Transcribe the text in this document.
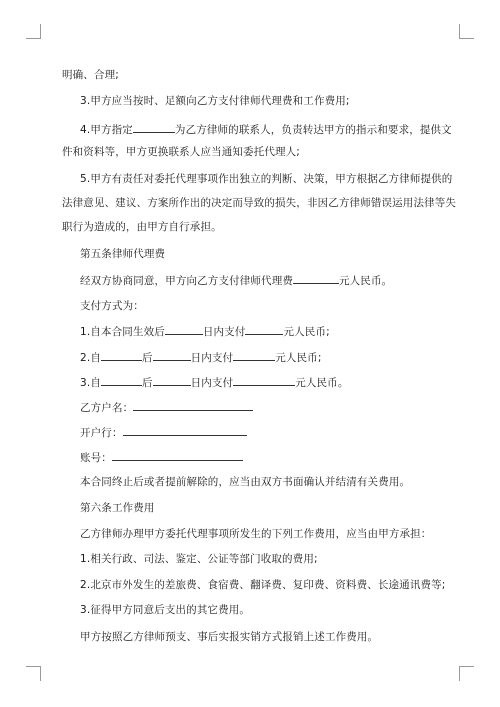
明确、合理;
3.甲方应当按时、足额向乙方支付律师代理费和工作费用;
4.甲方指定	为乙方律师的联系人，负责转达甲方的指示和要求，提供文
件和资料等，甲方更换联系人应当通知委托代理人;
5.甲方有责任对委托代理事项作出独立的判断、决策，甲方根据乙方律师提供的
法律意见、建议、方案所作出的决定而导致的损失，非因乙方律师错误运用法律等失
职行为造成的，由甲方自行承担。
第五条律师代理费
经双方协商同意，甲方向乙方支付律师代理费	元人民币。
支付方式为：
1.自本合同生效后	日内支付	元人民币;
2.自	后	日内支付	元人民币;
3.自	后	日内支付	元人民币。
乙方户名：
开户行：
账号：
本合同终止后或者提前解除的，应当由双方书面确认并结清有关费用。
第六条工作费用
乙方律师办理甲方委托代理事项所发生的下列工作费用，应当由甲方承担：
1.相关行政、司法、鉴定、公证等部门收取的费用;
2.北京市外发生的差旅费、食宿费、翻译费、复印费、资料费、长途通讯费等;
3.征得甲方同意后支出的其它费用。
甲方按照乙方律师预支、事后实报实销方式报销上述工作费用。
